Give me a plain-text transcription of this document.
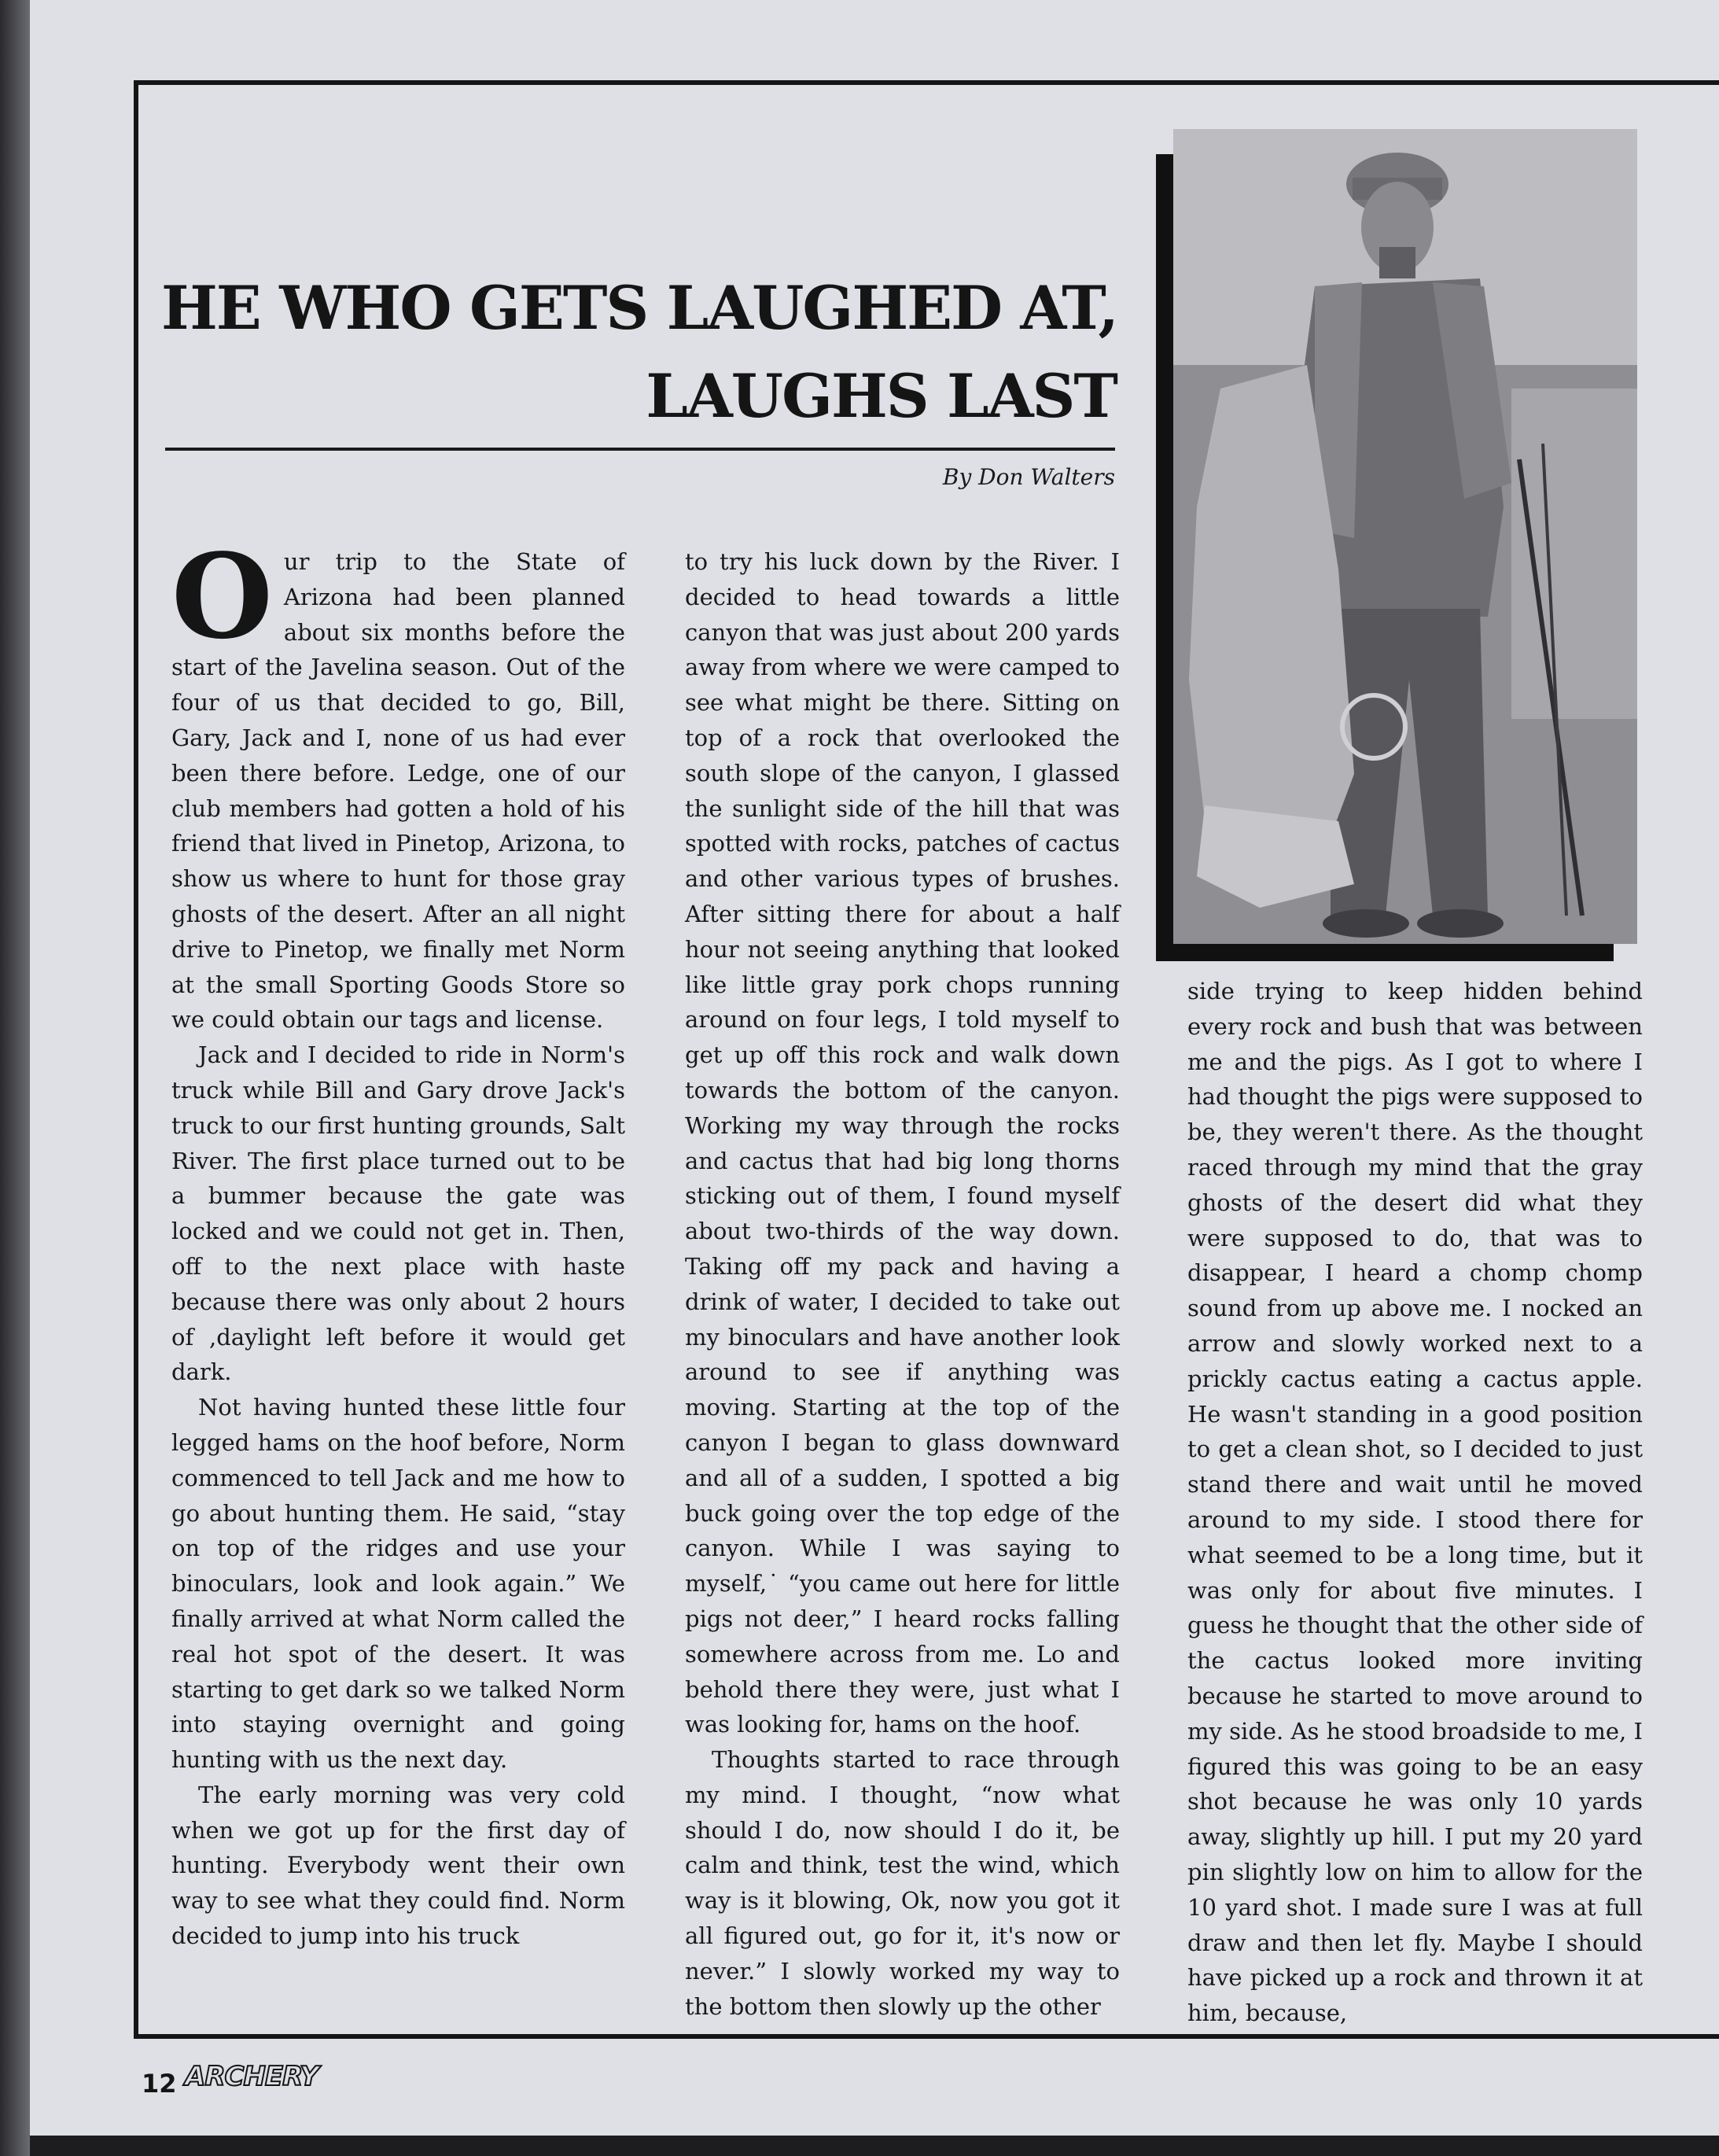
HE WHO GETS LAUGHED AT,
LAUGHS LAST
By Don Walters

Our trip to the State of Arizona had been planned about six months before the start of the Javelina season. Out of the four of us that decided to go, Bill, Gary, Jack and I, none of us had ever been there before. Ledge, one of our club members had gotten a hold of his friend that lived in Pinetop, Arizona, to show us where to hunt for those gray ghosts of the desert. After an all night drive to Pinetop, we finally met Norm at the small Sporting Goods Store so we could obtain our tags and license.

Jack and I decided to ride in Norm's truck while Bill and Gary drove Jack's truck to our first hunting grounds, Salt River. The first place turned out to be a bummer because the gate was locked and we could not get in. Then, off to the next place with haste because there was only about 2 hours of ,daylight left before it would get dark.

Not having hunted these little four legged hams on the hoof before, Norm commenced to tell Jack and me how to go about hunting them. He said, “stay on top of the ridges and use your binoculars, look and look again.” We finally arrived at what Norm called the real hot spot of the desert. It was starting to get dark so we talked Norm into staying overnight and going hunting with us the next day.

The early morning was very cold when we got up for the first day of hunting. Everybody went their own way to see what they could find. Norm decided to jump into his truck

to try his luck down by the River. I decided to head towards a little canyon that was just about 200 yards away from where we were camped to see what might be there. Sitting on top of a rock that overlooked the south slope of the canyon, I glassed the sunlight side of the hill that was spotted with rocks, patches of cactus and other various types of brushes. After sitting there for about a half hour not seeing anything that looked like little gray pork chops running around on four legs, I told myself to get up off this rock and walk down towards the bottom of the canyon. Working my way through the rocks and cactus that had big long thorns sticking out of them, I found myself about two-thirds of the way down. Taking off my pack and having a drink of water, I decided to take out my binoculars and have another look around to see if anything was moving. Starting at the top of the canyon I began to glass downward and all of a sudden, I spotted a big buck going over the top edge of the canyon. While I was saying to myself,˙ “you came out here for little pigs not deer,” I heard rocks falling somewhere across from me. Lo and behold there they were, just what I was looking for, hams on the hoof.

Thoughts started to race through my mind. I thought, “now what should I do, now should I do it, be calm and think, test the wind, which way is it blowing, Ok, now you got it all figured out, go for it, it's now or never.” I slowly worked my way to the bottom then slowly up the other

side trying to keep hidden behind every rock and bush that was between me and the pigs. As I got to where I had thought the pigs were supposed to be, they weren't there. As the thought raced through my mind that the gray ghosts of the desert did what they were supposed to do, that was to disappear, I heard a chomp chomp sound from up above me. I nocked an arrow and slowly worked next to a prickly cactus eating a cactus apple. He wasn't standing in a good position to get a clean shot, so I decided to just stand there and wait until he moved around to my side. I stood there for what seemed to be a long time, but it was only for about five minutes. I guess he thought that the other side of the cactus looked more inviting because he started to move around to my side. As he stood broadside to me, I figured this was going to be an easy shot because he was only 10 yards away, slightly up hill. I put my 20 yard pin slightly low on him to allow for the 10 yard shot. I made sure I was at full draw and then let fly. Maybe I should have picked up a rock and thrown it at him, because,

12 ARCHERY
